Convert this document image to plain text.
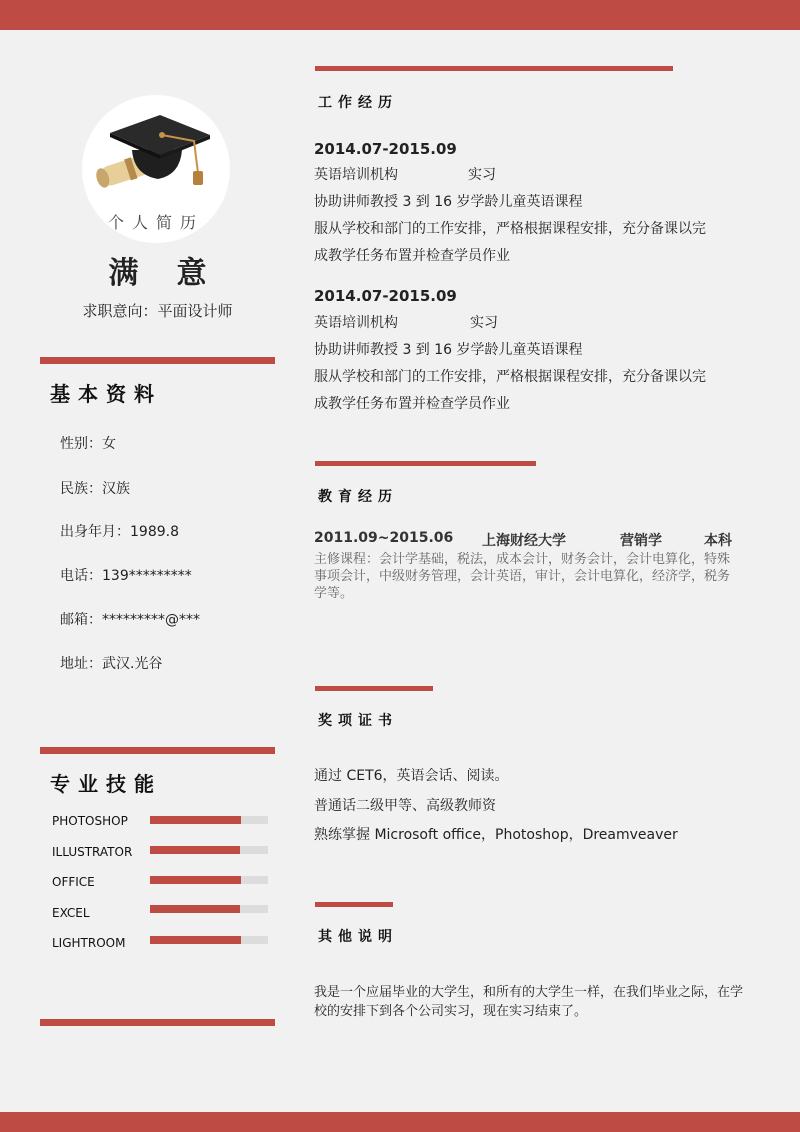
个人简历
满意
求职意向：平面设计师
基本资料
性别：女
民族：汉族
出身年月：1989.8
电话：139*********
邮箱：*********@***
地址：武汉.光谷
专业技能
PHOTOSHOP
ILLUSTRATOR
OFFICE
EXCEL
LIGHTROOM
工作经历
2014.07-2015.09
英语培训机构	实习
协助讲师教授 3 到 16 岁学龄儿童英语课程
服从学校和部门的工作安排，严格根据课程安排，充分备课以完
成教学任务布置并检查学员作业
2014.07-2015.09
英语培训机构	实习
协助讲师教授 3 到 16 岁学龄儿童英语课程
服从学校和部门的工作安排，严格根据课程安排，充分备课以完
成教学任务布置并检查学员作业
教育经历
2011.09~2015.06 上海财经大学	营销学	本科
主修课程：会计学基础，税法，成本会计，财务会计，会计电算化，特殊事项会计，中级财务管理，会计英语，审计，会计电算化，经济学，税务学等。
奖项证书
通过 CET6，英语会话、阅读。
普通话二级甲等、高级教师资
熟练掌握 Microsoft office，Photoshop，Dreamveaver
其他说明
我是一个应届毕业的大学生，和所有的大学生一样，在我们毕业之际，在学校的安排下到各个公司实习，现在实习结束了。
